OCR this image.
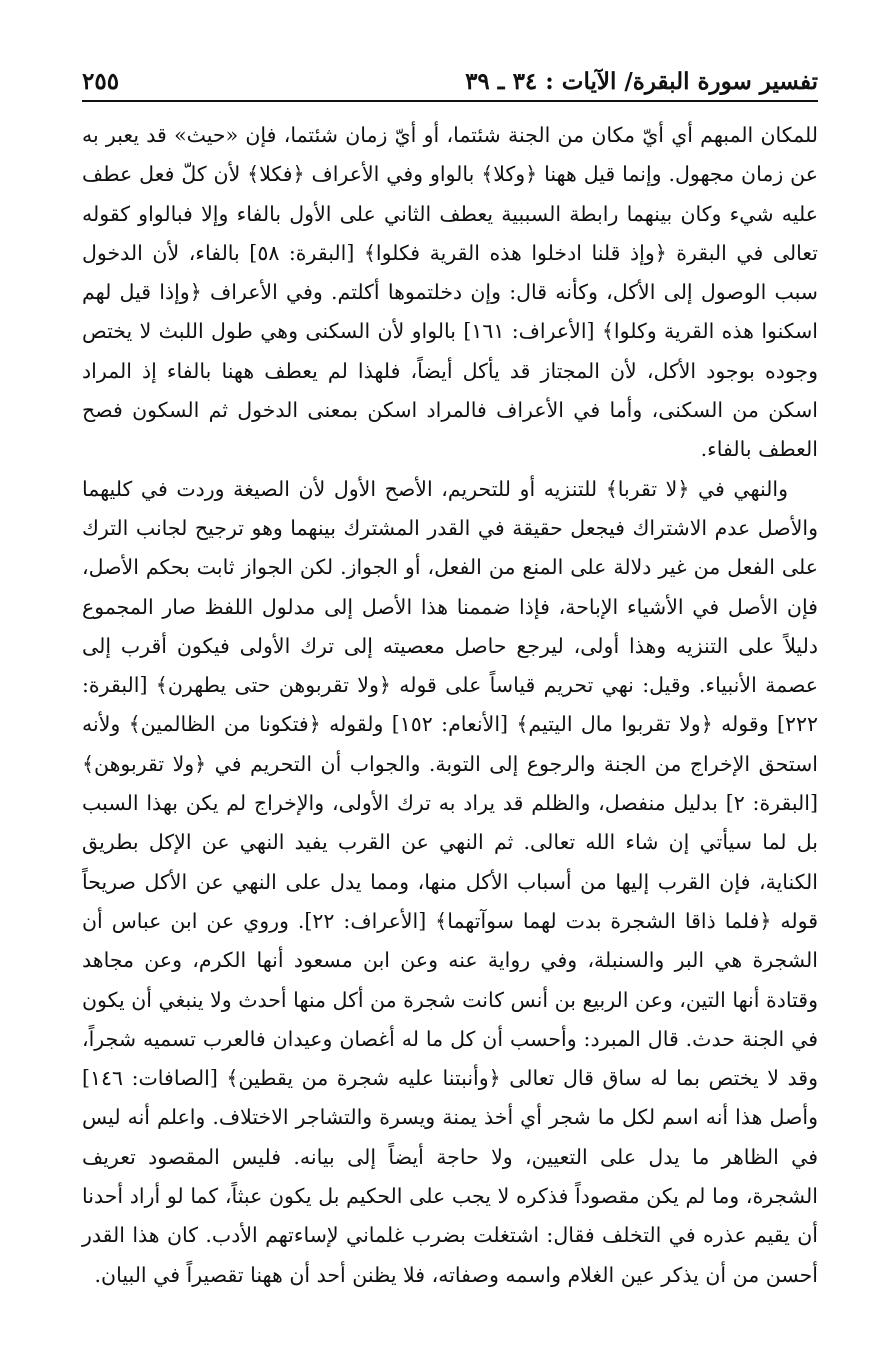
تفسير سورة البقرة/ الآيات : ٣٤ ـ ٣٩
٢٥٥

للمكان المبهم أي أيّ مكان من الجنة شئتما، أو أيّ زمان شئتما، فإن «حيث» قد يعبر به عن زمان مجهول. وإنما قيل ههنا ﴿وكلا﴾ بالواو وفي الأعراف ﴿فكلا﴾ لأن كلّ فعل عطف عليه شيء وكان بينهما رابطة السببية يعطف الثاني على الأول بالفاء وإلا فبالواو كقوله تعالى في البقرة ﴿وإذ قلنا ادخلوا هذه القرية فكلوا﴾ [البقرة: ٥٨] بالفاء، لأن الدخول سبب الوصول إلى الأكل، وكأنه قال: وإن دخلتموها أكلتم. وفي الأعراف ﴿وإذا قيل لهم اسكنوا هذه القرية وكلوا﴾ [الأعراف: ١٦١] بالواو لأن السكنى وهي طول اللبث لا يختص وجوده بوجود الأكل، لأن المجتاز قد يأكل أيضاً، فلهذا لم يعطف ههنا بالفاء إذ المراد اسكن من السكنى، وأما في الأعراف فالمراد اسكن بمعنى الدخول ثم السكون فصح العطف بالفاء.

والنهي في ﴿لا تقربا﴾ للتنزيه أو للتحريم، الأصح الأول لأن الصيغة وردت في كليهما والأصل عدم الاشتراك فيجعل حقيقة في القدر المشترك بينهما وهو ترجيح لجانب الترك على الفعل من غير دلالة على المنع من الفعل، أو الجواز. لكن الجواز ثابت بحكم الأصل، فإن الأصل في الأشياء الإباحة، فإذا ضممنا هذا الأصل إلى مدلول اللفظ صار المجموع دليلاً على التنزيه وهذا أولى، ليرجع حاصل معصيته إلى ترك الأولى فيكون أقرب إلى عصمة الأنبياء. وقيل: نهي تحريم قياساً على قوله ﴿ولا تقربوهن حتى يطهرن﴾ [البقرة: ٢٢٢] وقوله ﴿ولا تقربوا مال اليتيم﴾ [الأنعام: ١٥٢] ولقوله ﴿فتكونا من الظالمين﴾ ولأنه استحق الإخراج من الجنة والرجوع إلى التوبة. والجواب أن التحريم في ﴿ولا تقربوهن﴾ [البقرة: ٢] بدليل منفصل، والظلم قد يراد به ترك الأولى، والإخراج لم يكن بهذا السبب بل لما سيأتي إن شاء الله تعالى. ثم النهي عن القرب يفيد النهي عن الإكل بطريق الكناية، فإن القرب إليها من أسباب الأكل منها، ومما يدل على النهي عن الأكل صريحاً قوله ﴿فلما ذاقا الشجرة بدت لهما سوآتهما﴾ [الأعراف: ٢٢]. وروي عن ابن عباس أن الشجرة هي البر والسنبلة، وفي رواية عنه وعن ابن مسعود أنها الكرم، وعن مجاهد وقتادة أنها التين، وعن الربيع بن أنس كانت شجرة من أكل منها أحدث ولا ينبغي أن يكون في الجنة حدث. قال المبرد: وأحسب أن كل ما له أغصان وعيدان فالعرب تسميه شجراً، وقد لا يختص بما له ساق قال تعالى ﴿وأنبتنا عليه شجرة من يقطين﴾ [الصافات: ١٤٦] وأصل هذا أنه اسم لكل ما شجر أي أخذ يمنة ويسرة والتشاجر الاختلاف. واعلم أنه ليس في الظاهر ما يدل على التعيين، ولا حاجة أيضاً إلى بيانه. فليس المقصود تعريف الشجرة، وما لم يكن مقصوداً فذكره لا يجب على الحكيم بل يكون عبثاً، كما لو أراد أحدنا أن يقيم عذره في التخلف فقال: اشتغلت بضرب غلماني لإساءتهم الأدب. كان هذا القدر أحسن من أن يذكر عين الغلام واسمه وصفاته، فلا يظنن أحد أن ههنا تقصيراً في البيان.
